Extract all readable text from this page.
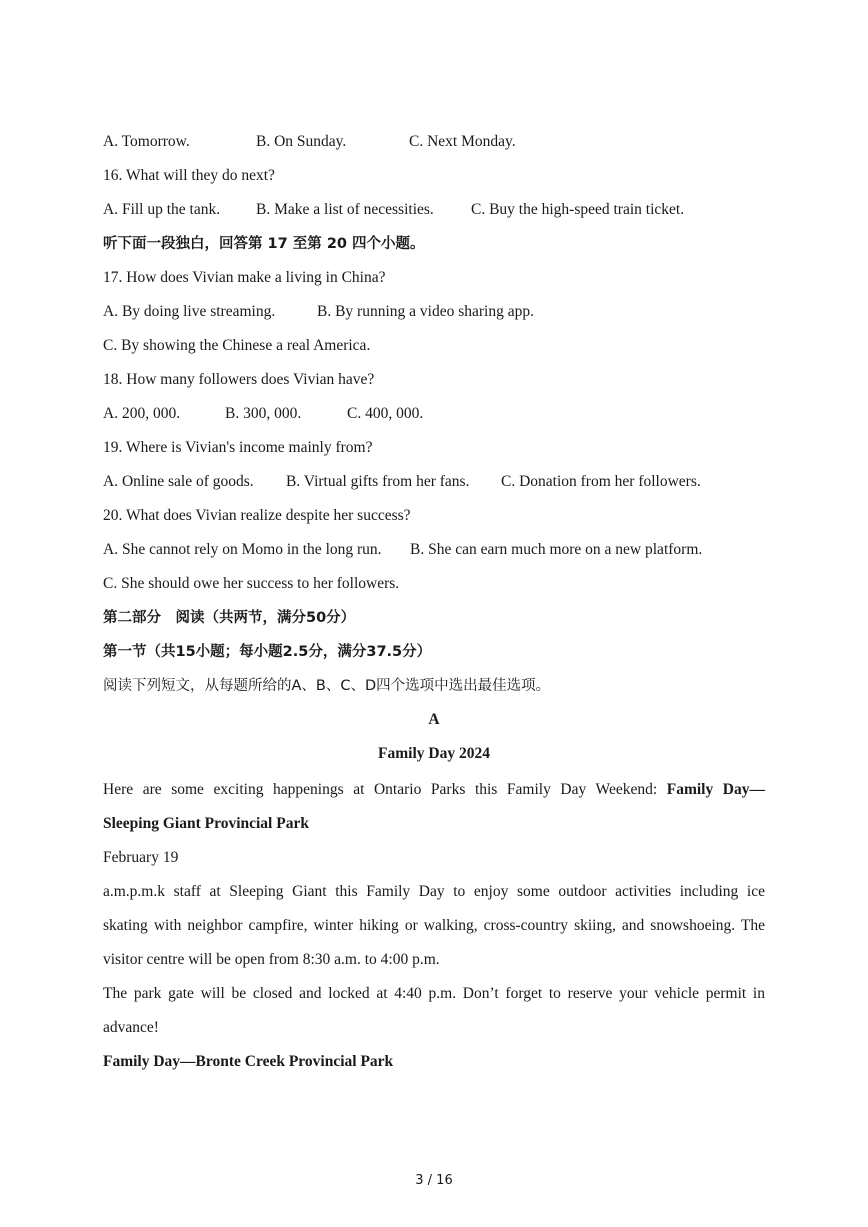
A. Tomorrow.	B. On Sunday.	C. Next Monday.
16. What will they do next?
A. Fill up the tank. B. Make a list of necessities. C. Buy the high-speed train ticket.
听下面一段独白，回答第 17 至第 20 四个小题。
17. How does Vivian make a living in China?
A. By doing live streaming.	B. By running a video sharing app.
C. By showing the Chinese a real America.
18. How many followers does Vivian have?
A. 200, 000.	B. 300, 000.	C. 400, 000.
19. Where is Vivian's income mainly from?
A. Online sale of goods. B. Virtual gifts from her fans. C. Donation from her followers.
20. What does Vivian realize despite her success?
A. She cannot rely on Momo in the long run. B. She can earn much more on a new platform.
C. She should owe her success to her followers.
第二部分　阅读（共两节，满分50分）
第一节（共15小题；每小题2.5分，满分37.5分）
阅读下列短文，从每题所给的A、B、C、D四个选项中选出最佳选项。
A
Family Day 2024
Here are some exciting happenings at Ontario Parks this Family Day Weekend: Family Day—
Sleeping Giant Provincial Park
February 19
a.m.p.m.k staff at Sleeping Giant this Family Day to enjoy some outdoor activities including ice
skating with neighbor campfire, winter hiking or walking, cross-country skiing, and snowshoeing. The
visitor centre will be open from 8:30 a.m. to 4:00 p.m.
The park gate will be closed and locked at 4:40 p.m. Don’t forget to reserve your vehicle permit in
advance!
Family Day—Bronte Creek Provincial Park
3 / 16
